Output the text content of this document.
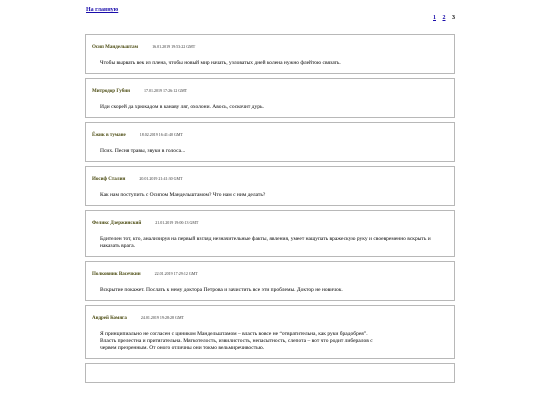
На главную
1 2 3
Осип Мандельштам	16.01.2019 19:53:22 GMT
Чтобы вырвать век из плена, чтобы новый мир начать, узловатых дней колена нужно флейтою связать.
Митродор Губин	17.01.2019 17:26:12 GMT
Иди скорей да хрюкадом в канаву ляг, охолони. Авось, соскочит дурь.
Ёжик в тумане	18.02.2019 16:41:40 GMT
Псих. Песня травы, звуки в голоса...
Иосиф Сталин	20.01.2019 21:41:30 GMT
Как нам поступить с Осипом Мандельштамом? Что нам с ним делать?
Феликс Дзержинский	21.01.2019 19:00:13 GMT
Бдителен тот, кто, анализируя на первый взгляд незначительные факты, явления, умеет нащупать вражескую руку и своевременно вскрыть и наказать врага.
Полковник Васечкин	22.01.2019 17:29:12 GMT
Вскрытие покажет. Послать к нему доктора Петрова и зачистить все эти проблемы. Доктор не новичок.
Андрей Комяга	24.01.2019 19:28:28 GMT
Я принципиально не согласен с циником Мандельштамом – власть вовсе не “отвратительна, как руки брадобрея”.
Власть прелестна и притягательна. Мягкотелость, извилистость, непасытность, слепота – вот что родит либералов с
червем презренным. От оного отличны они токмо вельмиречивостью.
